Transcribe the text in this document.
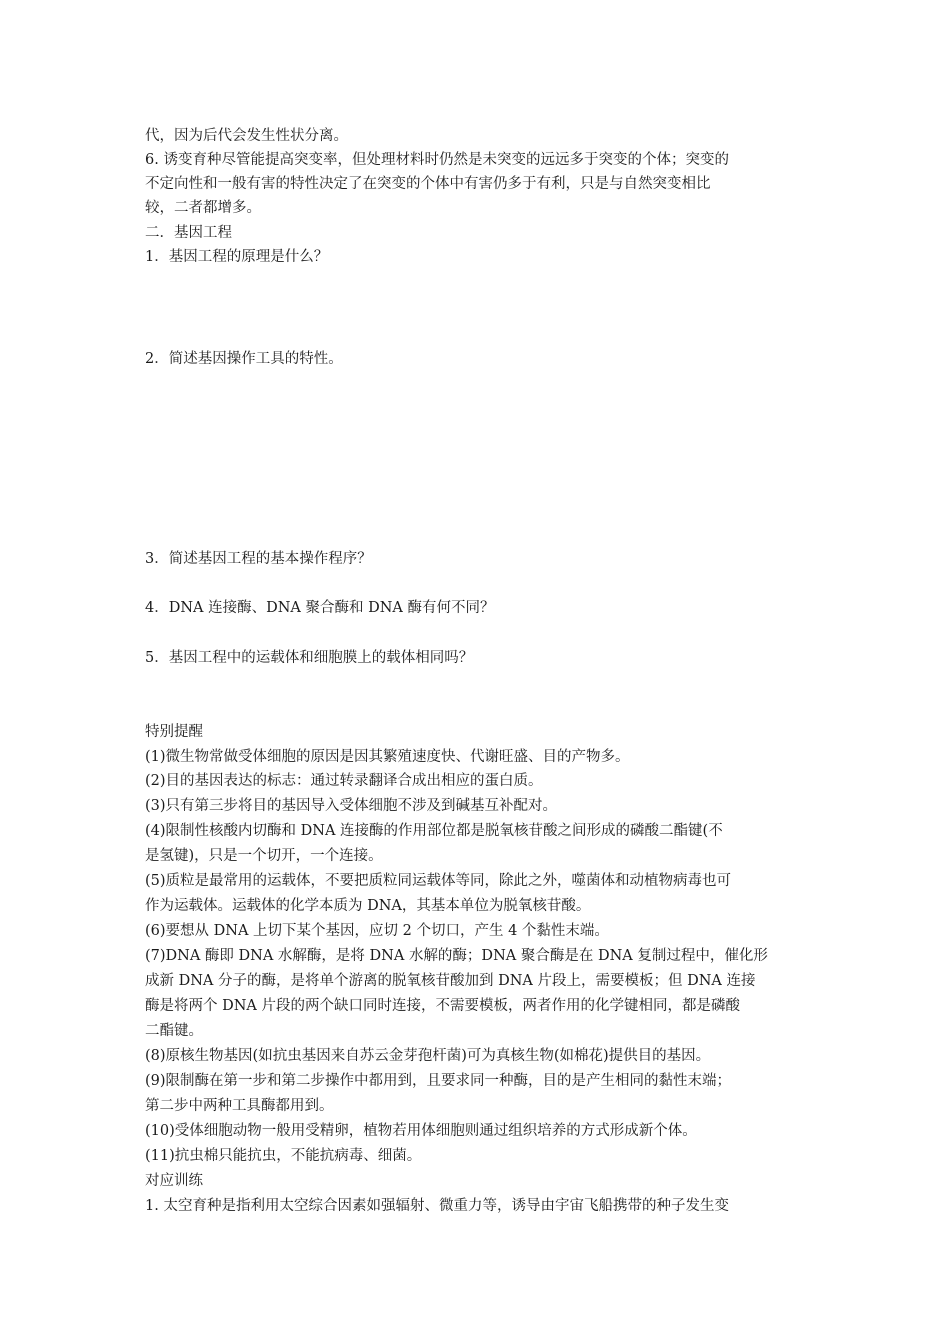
代，因为后代会发生性状分离。
6. 诱变育种尽管能提高突变率，但处理材料时仍然是未突变的远远多于突变的个体；突变的
不定向性和一般有害的特性决定了在突变的个体中有害仍多于有利，只是与自然突变相比
较，二者都增多。
二．基因工程
1．基因工程的原理是什么？
2．简述基因操作工具的特性。
3．简述基因工程的基本操作程序？
4．DNA 连接酶、DNA 聚合酶和 DNA 酶有何不同？
5．基因工程中的运载体和细胞膜上的载体相同吗？
特别提醒
(1)微生物常做受体细胞的原因是因其繁殖速度快、代谢旺盛、目的产物多。
(2)目的基因表达的标志：通过转录翻译合成出相应的蛋白质。
(3)只有第三步将目的基因导入受体细胞不涉及到碱基互补配对。
(4)限制性核酸内切酶和 DNA 连接酶的作用部位都是脱氧核苷酸之间形成的磷酸二酯键(不
是氢键)，只是一个切开，一个连接。
(5)质粒是最常用的运载体，不要把质粒同运载体等同，除此之外，噬菌体和动植物病毒也可
作为运载体。运载体的化学本质为 DNA，其基本单位为脱氧核苷酸。
(6)要想从 DNA 上切下某个基因，应切 2 个切口，产生 4 个黏性末端。
(7)DNA 酶即 DNA 水解酶，是将 DNA 水解的酶；DNA 聚合酶是在 DNA 复制过程中，催化形
成新 DNA 分子的酶，是将单个游离的脱氧核苷酸加到 DNA 片段上，需要模板；但 DNA 连接
酶是将两个 DNA 片段的两个缺口同时连接，不需要模板，两者作用的化学键相同，都是磷酸
二酯键。
(8)原核生物基因(如抗虫基因来自苏云金芽孢杆菌)可为真核生物(如棉花)提供目的基因。
(9)限制酶在第一步和第二步操作中都用到，且要求同一种酶，目的是产生相同的黏性末端；
第二步中两种工具酶都用到。
(10)受体细胞动物一般用受精卵，植物若用体细胞则通过组织培养的方式形成新个体。
(11)抗虫棉只能抗虫，不能抗病毒、细菌。
对应训练
1. 太空育种是指利用太空综合因素如强辐射、微重力等，诱导由宇宙飞船携带的种子发生变
